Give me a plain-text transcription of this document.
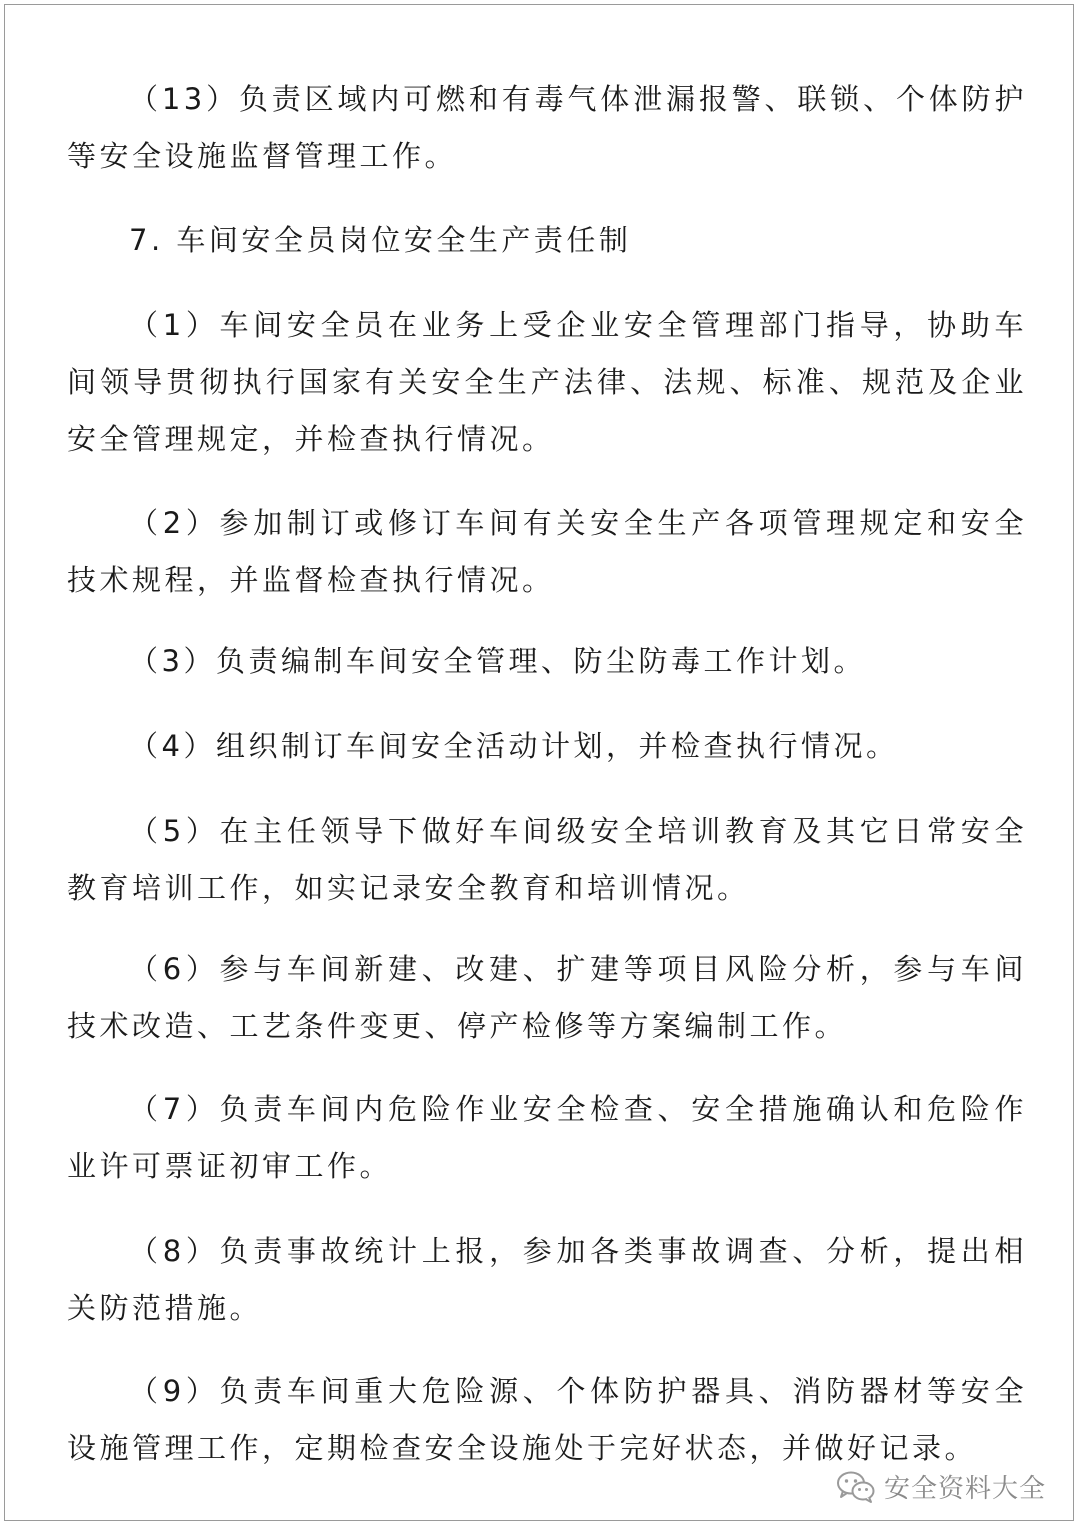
（13）负责区域内可燃和有毒气体泄漏报警、联锁、个体防护等安全设施监督管理工作。

7. 车间安全员岗位安全生产责任制

（1）车间安全员在业务上受企业安全管理部门指导，协助车间领导贯彻执行国家有关安全生产法律、法规、标准、规范及企业安全管理规定，并检查执行情况。

（2）参加制订或修订车间有关安全生产各项管理规定和安全技术规程，并监督检查执行情况。

（3）负责编制车间安全管理、防尘防毒工作计划。

（4）组织制订车间安全活动计划，并检查执行情况。

（5）在主任领导下做好车间级安全培训教育及其它日常安全教育培训工作，如实记录安全教育和培训情况。

（6）参与车间新建、改建、扩建等项目风险分析，参与车间技术改造、工艺条件变更、停产检修等方案编制工作。

（7）负责车间内危险作业安全检查、安全措施确认和危险作业许可票证初审工作。

（8）负责事故统计上报，参加各类事故调查、分析，提出相关防范措施。

（9）负责车间重大危险源、个体防护器具、消防器材等安全设施管理工作，定期检查安全设施处于完好状态，并做好记录。

安全资料大全
